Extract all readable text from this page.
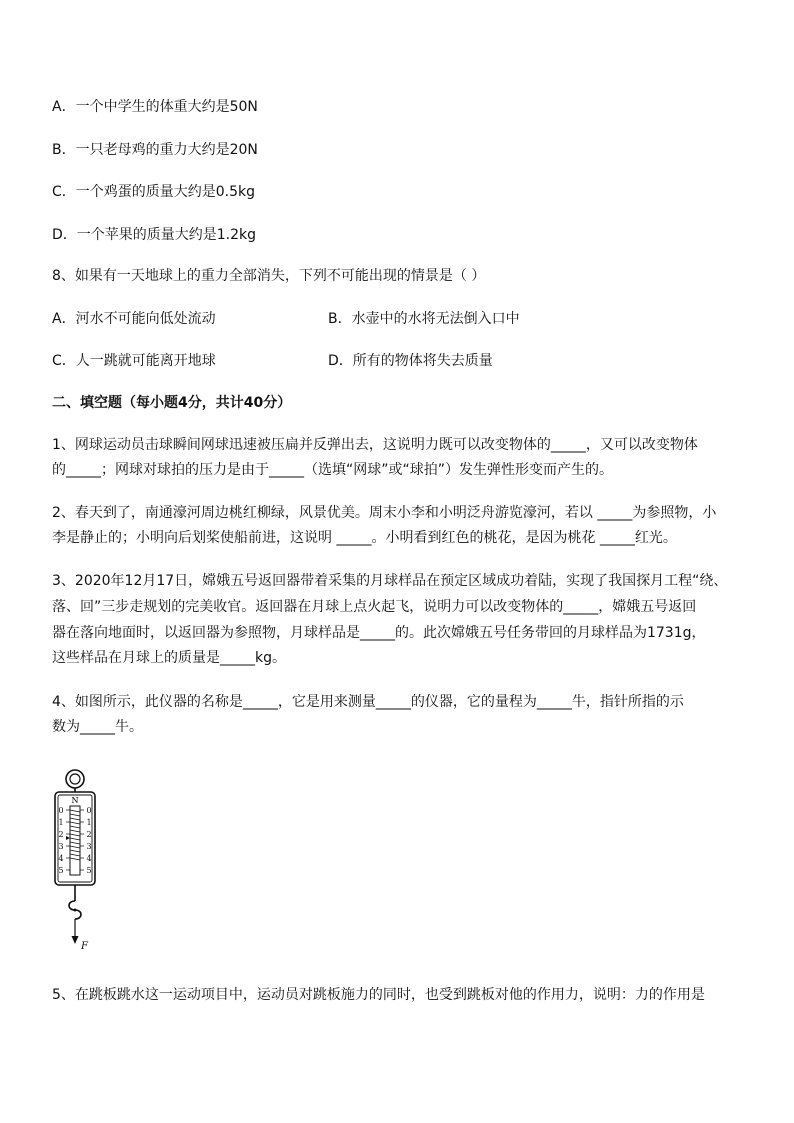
A．一个中学生的体重大约是50N
B．一只老母鸡的重力大约是20N
C．一个鸡蛋的质量大约是0.5kg
D．一个苹果的质量大约是1.2kg
8、如果有一天地球上的重力全部消失，下列不可能出现的情景是（ ）
A．河水不可能向低处流动	B．水壶中的水将无法倒入口中
C．人一跳就可能离开地球	D．所有的物体将失去质量
二、填空题（每小题4分，共计40分）
1、网球运动员击球瞬间网球迅速被压扁并反弹出去，这说明力既可以改变物体的_____，又可以改变物体
的_____；网球对球拍的压力是由于_____（选填“网球”或“球拍”）发生弹性形变而产生的。
2、春天到了，南通濠河周边桃红柳绿，风景优美。周末小李和小明泛舟游览濠河，若以 _____为参照物，小
李是静止的；小明向后划桨使船前进，这说明 _____。小明看到红色的桃花，是因为桃花 _____红光。
3、2020年12月17日，嫦娥五号返回器带着采集的月球样品在预定区域成功着陆，实现了我国探月工程“绕、
落、回”三步走规划的完美收官。返回器在月球上点火起飞，说明力可以改变物体的_____，嫦娥五号返回
器在落向地面时，以返回器为参照物，月球样品是_____的。此次嫦娥五号任务带回的月球样品为1731g，
这些样品在月球上的质量是_____kg。
4、如图所示，此仪器的名称是_____，它是用来测量_____的仪器，它的量程为_____牛，指针所指的示
数为_____牛。
N
0
1
2
3
4
5
0
1
2
3
4
5
F
5、在跳板跳水这一运动项目中，运动员对跳板施力的同时，也受到跳板对他的作用力，说明：力的作用是
